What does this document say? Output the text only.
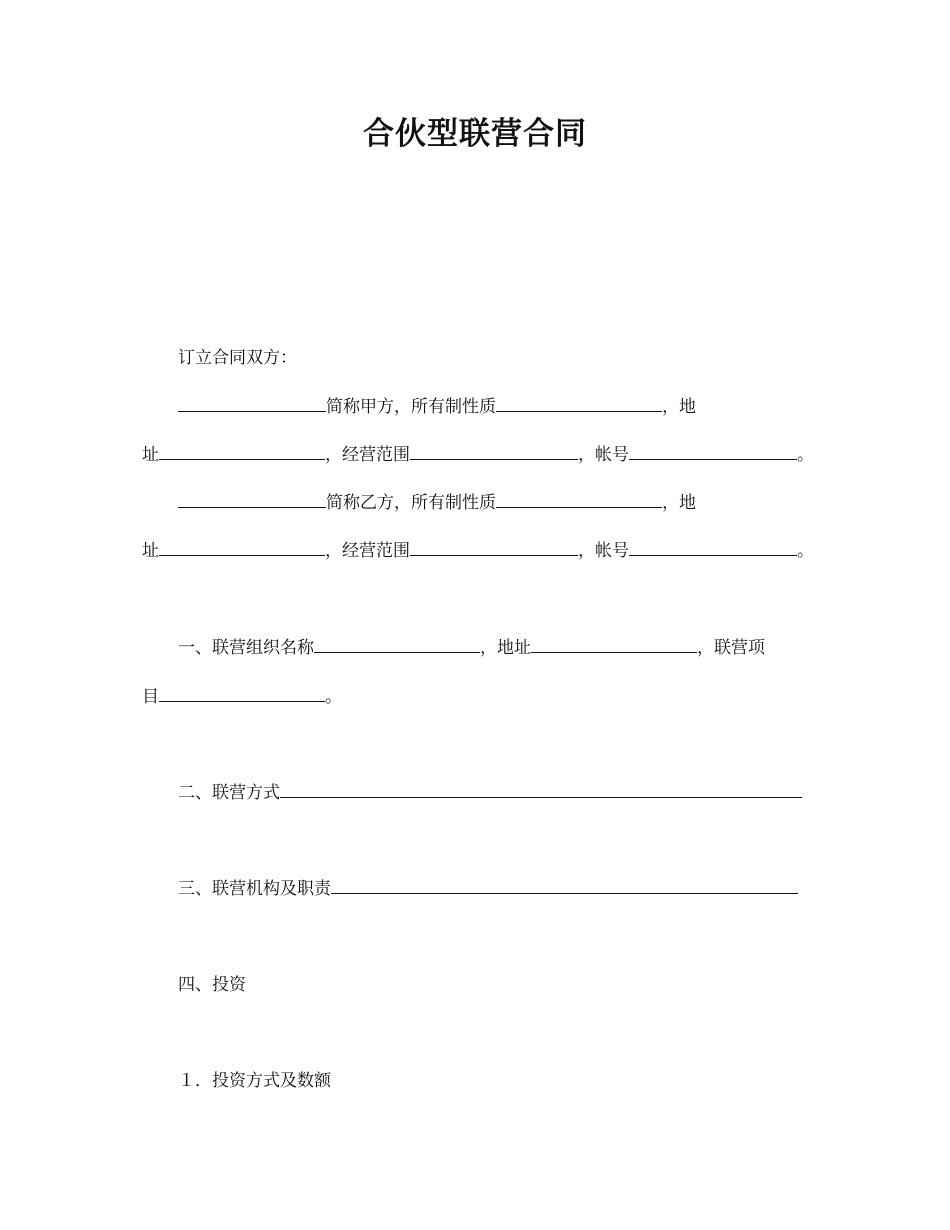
合伙型联营合同
订立合同双方：
简称甲方，所有制性质	，地
址	，经营范围	，帐号	。
简称乙方，所有制性质	，地
址	，经营范围	，帐号	。
一、联营组织名称	，地址	，联营项
目	。
二、联营方式
三、联营机构及职责
四、投资
１．投资方式及数额
